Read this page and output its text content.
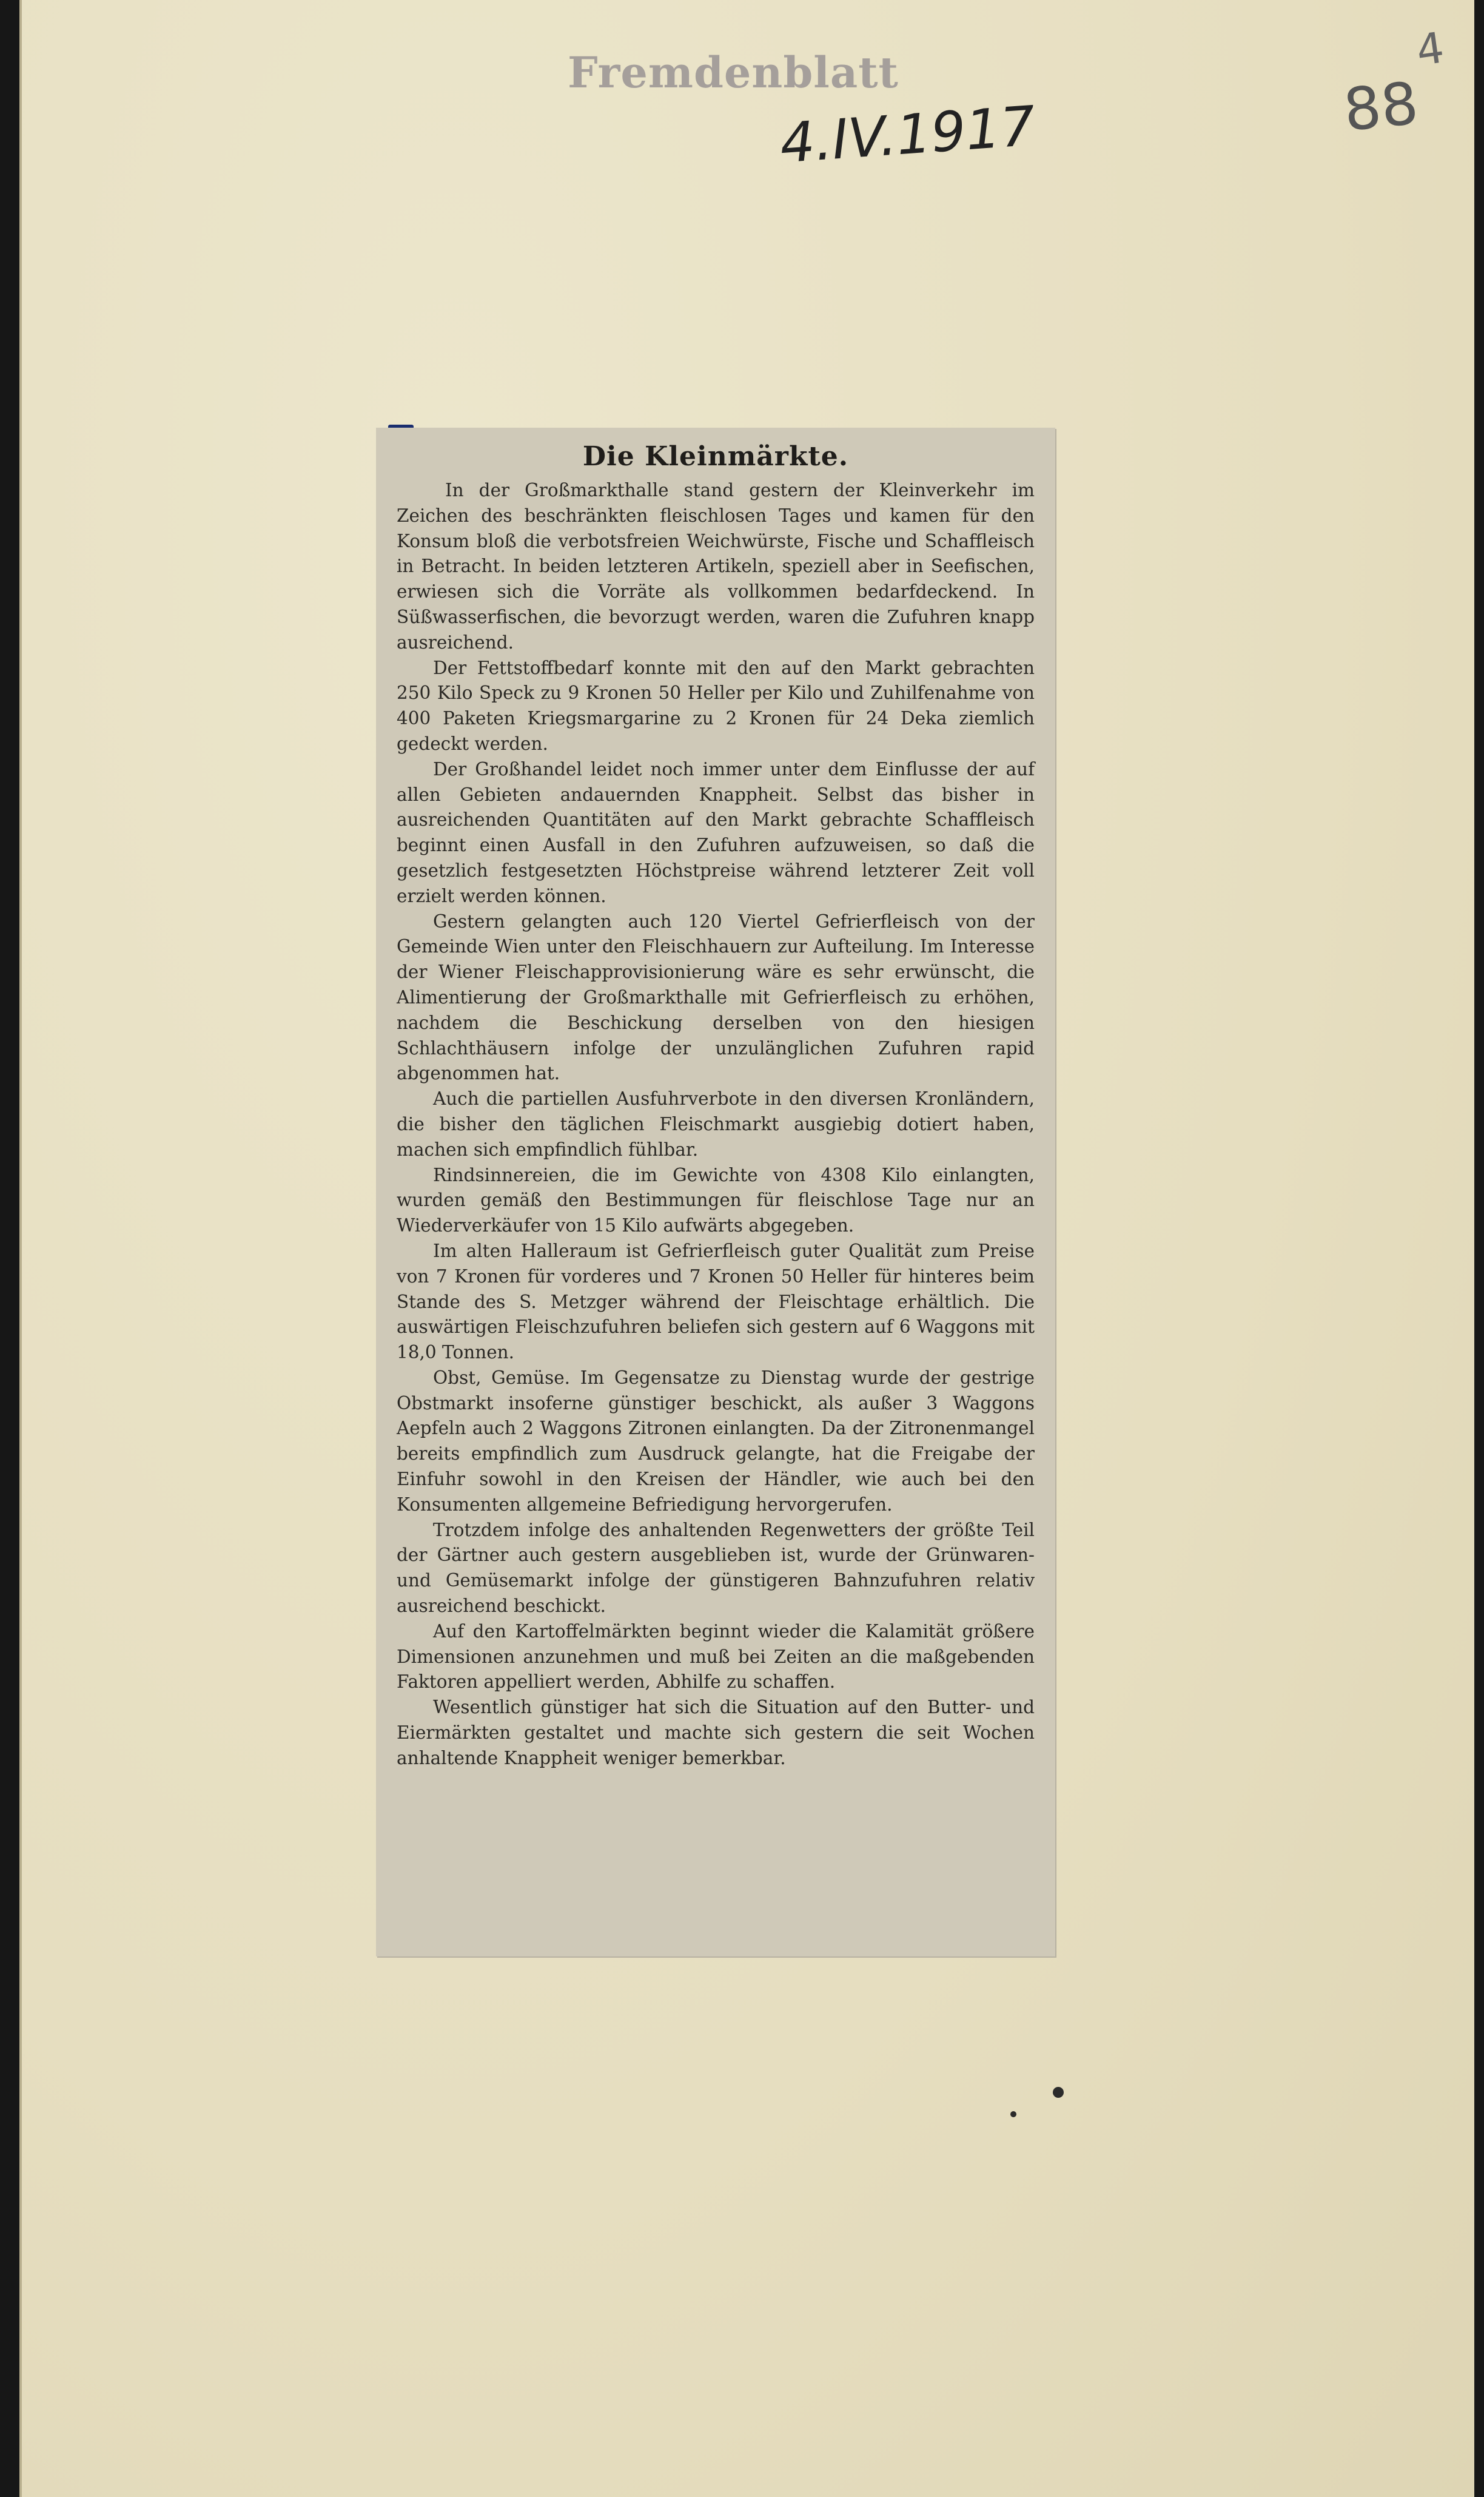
Fremdenblatt
4.IV.1917	88
4
Die Kleinmärkte.

In der Großmarkthalle stand gestern der Kleinverkehr im Zeichen des beschränkten fleischlosen Tages und kamen für den Konsum bloß die verbotsfreien Weichwürste, Fische und Schaffleisch in Betracht. In beiden letzteren Artikeln, speziell aber in Seefischen, erwiesen sich die Vorräte als vollkommen bedarfdeckend. In Süßwasserfischen, die bevorzugt werden, waren die Zufuhren knapp ausreichend.

Der Fettstoffbedarf konnte mit den auf den Markt gebrachten 250 Kilo Speck zu 9 Kronen 50 Heller per Kilo und Zuhilfenahme von 400 Paketen Kriegsmargarine zu 2 Kronen für 24 Deka ziemlich gedeckt werden.

Der Großhandel leidet noch immer unter dem Einflusse der auf allen Gebieten andauernden Knappheit. Selbst das bisher in ausreichenden Quantitäten auf den Markt gebrachte Schaffleisch beginnt einen Ausfall in den Zufuhren aufzuweisen, so daß die gesetzlich festgesetzten Höchstpreise während letzterer Zeit voll erzielt werden können.

Gestern gelangten auch 120 Viertel Gefrierfleisch von der Gemeinde Wien unter den Fleischhauern zur Aufteilung. Im Interesse der Wiener Fleischapprovisionierung wäre es sehr erwünscht, die Alimentierung der Großmarkthalle mit Gefrierfleisch zu erhöhen, nachdem die Beschickung derselben von den hiesigen Schlachthäusern infolge der unzulänglichen Zufuhren rapid abgenommen hat.

Auch die partiellen Ausfuhrverbote in den diversen Kronländern, die bisher den täglichen Fleischmarkt ausgiebig dotiert haben, machen sich empfindlich fühlbar.

Rindsinnereien, die im Gewichte von 4308 Kilo einlangten, wurden gemäß den Bestimmungen für fleischlose Tage nur an Wiederverkäufer von 15 Kilo aufwärts abgegeben.

Im alten Halleraum ist Gefrierfleisch guter Qualität zum Preise von 7 Kronen für vorderes und 7 Kronen 50 Heller für hinteres beim Stande des S. Metzger während der Fleischtage erhältlich. Die auswärtigen Fleischzufuhren beliefen sich gestern auf 6 Waggons mit 18,0 Tonnen.

Obst, Gemüse. Im Gegensatze zu Dienstag wurde der gestrige Obstmarkt insoferne günstiger beschickt, als außer 3 Waggons Aepfeln auch 2 Waggons Zitronen einlangten. Da der Zitronenmangel bereits empfindlich zum Ausdruck gelangte, hat die Freigabe der Einfuhr sowohl in den Kreisen der Händler, wie auch bei den Konsumenten allgemeine Befriedigung hervorgerufen.

Trotzdem infolge des anhaltenden Regenwetters der größte Teil der Gärtner auch gestern ausgeblieben ist, wurde der Grünwaren- und Gemüsemarkt infolge der günstigeren Bahnzufuhren relativ ausreichend beschickt.

Auf den Kartoffelmärkten beginnt wieder die Kalamität größere Dimensionen anzunehmen und muß bei Zeiten an die maßgebenden Faktoren appelliert werden, Abhilfe zu schaffen.

Wesentlich günstiger hat sich die Situation auf den Butter- und Eiermärkten gestaltet und machte sich gestern die seit Wochen anhaltende Knappheit weniger bemerkbar.
